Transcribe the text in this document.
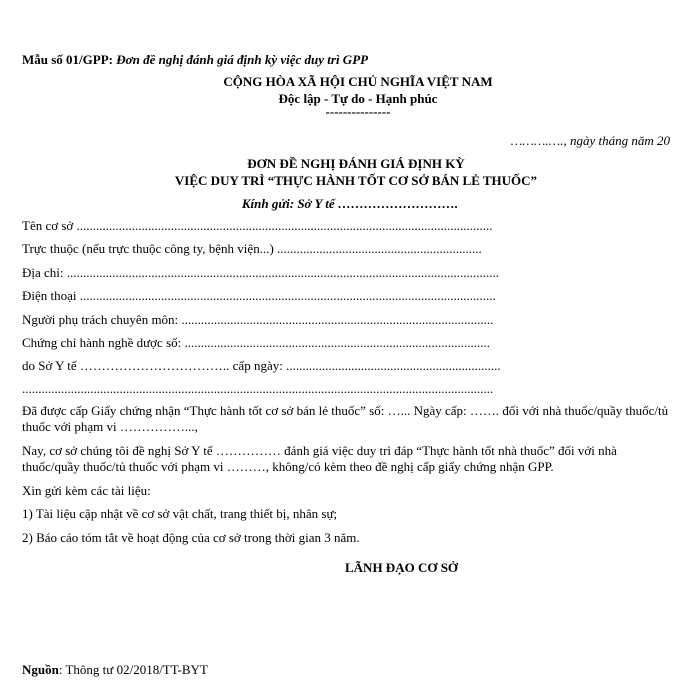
Mẫu số 01/GPP: Đơn đề nghị đánh giá định kỳ việc duy trì GPP
CỘNG HÒA XÃ HỘI CHỦ NGHĨA VIỆT NAM
Độc lập - Tự do - Hạnh phúc
---------------
……….…., ngày tháng năm 20
ĐƠN ĐỀ NGHỊ ĐÁNH GIÁ ĐỊNH KỲ
VIỆC DUY TRÌ “THỰC HÀNH TỐT CƠ SỞ BÁN LẺ THUỐC”
Kính gửi: Sở Y tế ……………………….
Tên cơ sở ................................................................................................................................
Trực thuộc (nếu trực thuộc công ty, bệnh viện...) ...............................................................
Địa chỉ: .....................................................................................................................................
Điện thoại ................................................................................................................................
Người phụ trách chuyên môn: ................................................................................................
Chứng chỉ hành nghề dược số: ..............................................................................................
do Sở Y tế …………………………….. cấp ngày: ..................................................................
.................................................................................................................................................
Đã được cấp Giấy chứng nhận “Thực hành tốt cơ sở bán lẻ thuốc” số: …... Ngày cấp: ……. đối với nhà thuốc/quầy thuốc/tủ thuốc với phạm vi ……………...,
Nay, cơ sở chúng tôi đề nghị Sở Y tế …………… đánh giá việc duy trì đáp “Thực hành tốt nhà thuốc” đối với nhà thuốc/quầy thuốc/tủ thuốc với phạm vi ………, không/có kèm theo đề nghị cấp giấy chứng nhận GPP.
Xin gửi kèm các tài liệu:
1) Tài liệu cập nhật về cơ sở vật chất, trang thiết bị, nhân sự;
2) Báo cáo tóm tắt về hoạt động của cơ sở trong thời gian 3 năm.
LÃNH ĐẠO CƠ SỞ
Nguồn: Thông tư 02/2018/TT-BYT
